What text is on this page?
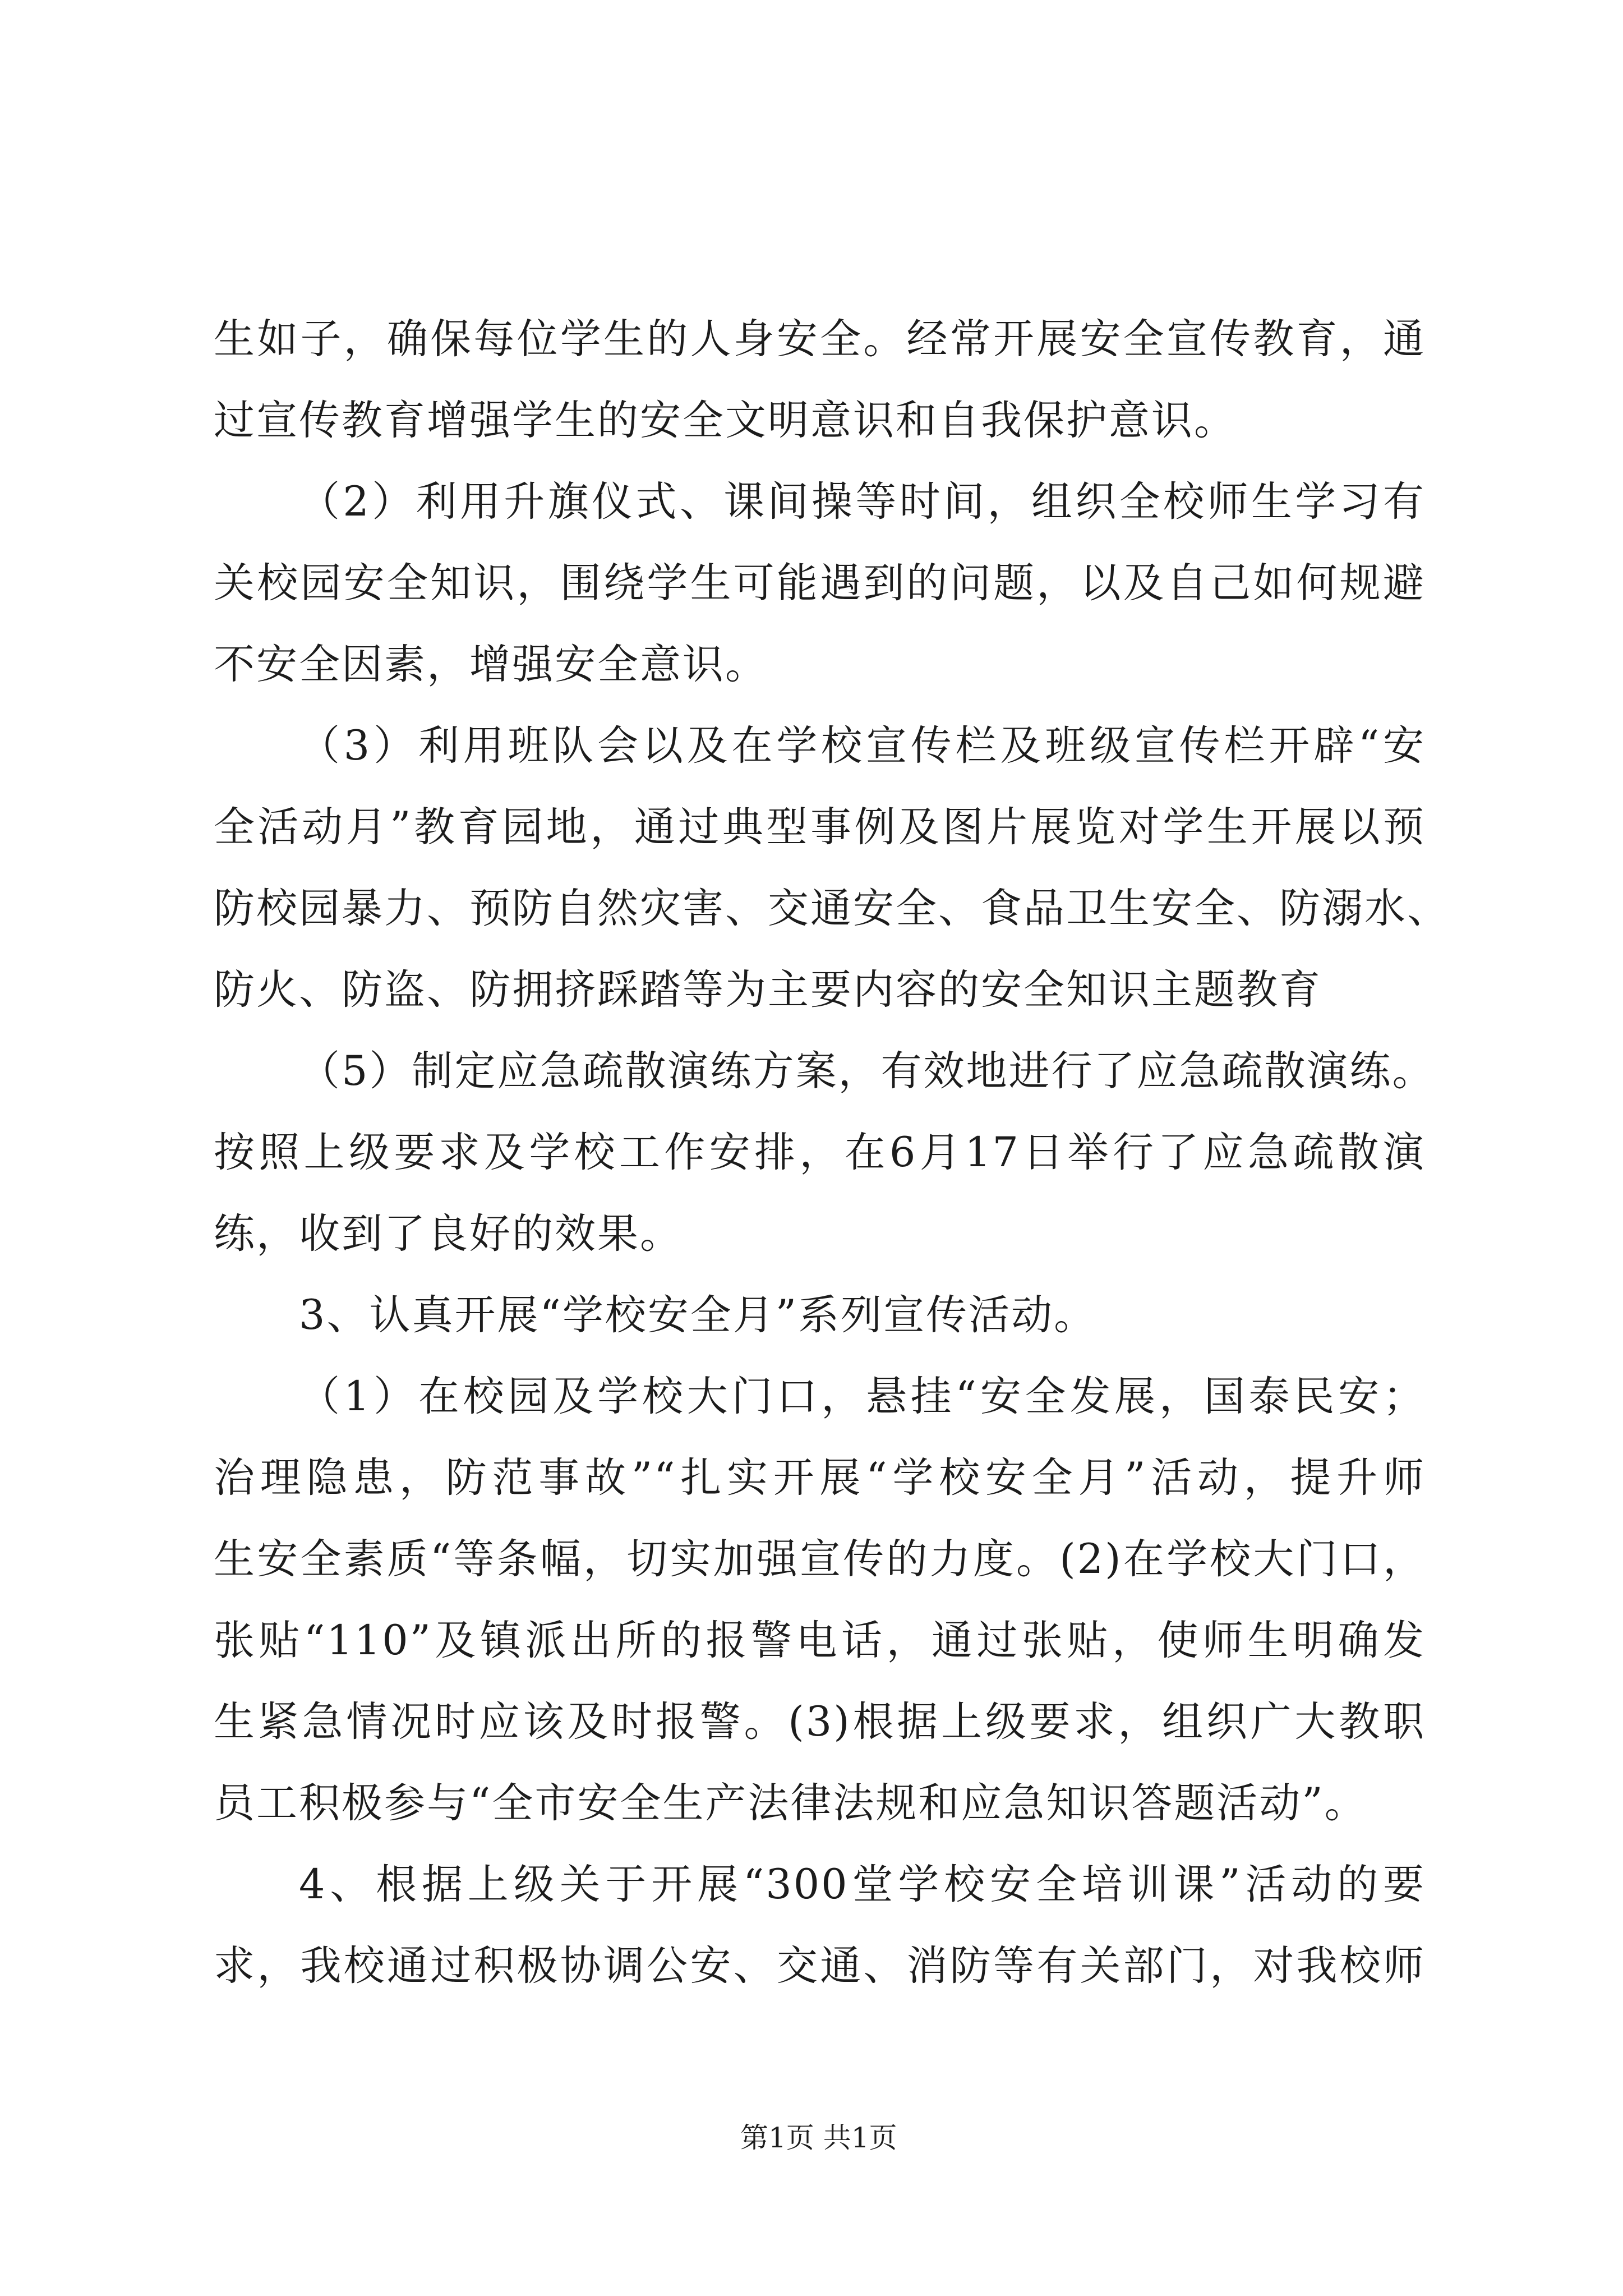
生如子，确保每位学生的人身安全。经常开展安全宣传教育，通
过宣传教育增强学生的安全文明意识和自我保护意识。
（2）利用升旗仪式、课间操等时间，组织全校师生学习有
关校园安全知识，围绕学生可能遇到的问题，以及自己如何规避
不安全因素，增强安全意识。
（3）利用班队会以及在学校宣传栏及班级宣传栏开辟“安
全活动月”教育园地，通过典型事例及图片展览对学生开展以预
防校园暴力、预防自然灾害、交通安全、食品卫生安全、防溺水、
防火、防盗、防拥挤踩踏等为主要内容的安全知识主题教育
（5）制定应急疏散演练方案，有效地进行了应急疏散演练。
按照上级要求及学校工作安排，在6月17日举行了应急疏散演
练，收到了良好的效果。
3、认真开展“学校安全月”系列宣传活动。
（1）在校园及学校大门口，悬挂“安全发展，国泰民安；
治理隐患，防范事故”“扎实开展“学校安全月”活动，提升师
生安全素质“等条幅，切实加强宣传的力度。(2)在学校大门口，
张贴“110”及镇派出所的报警电话，通过张贴，使师生明确发
生紧急情况时应该及时报警。(3)根据上级要求，组织广大教职
员工积极参与“全市安全生产法律法规和应急知识答题活动”。
4、根据上级关于开展“300堂学校安全培训课”活动的要
求，我校通过积极协调公安、交通、消防等有关部门，对我校师
第1页 共1页
